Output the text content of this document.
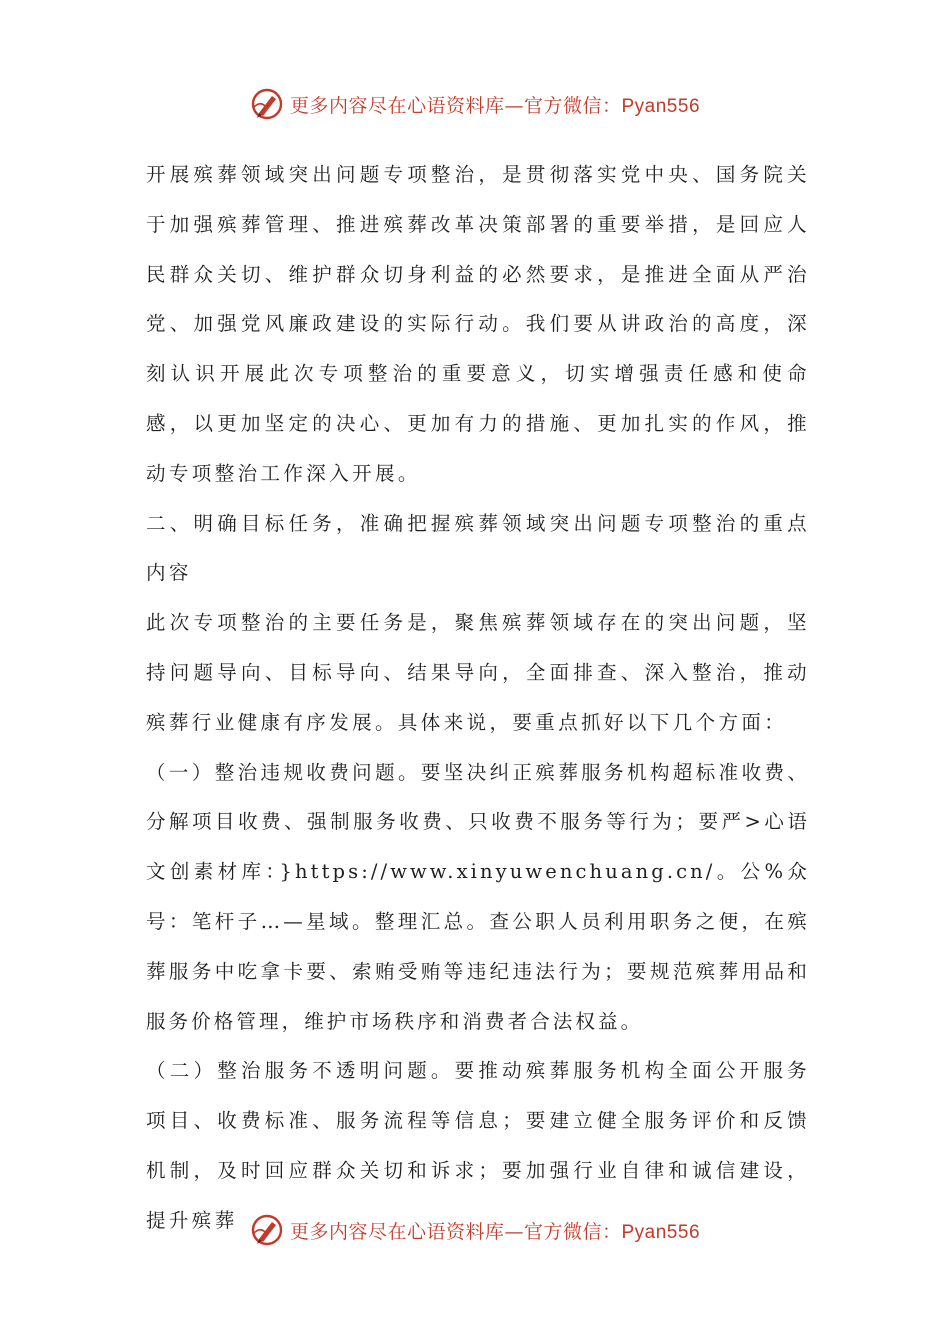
更多内容尽在心语资料库—官方微信：Pyan556

开展殡葬领域突出问题专项整治，是贯彻落实党中央、国务院关于加强殡葬管理、推进殡葬改革决策部署的重要举措，是回应人民群众关切、维护群众切身利益的必然要求，是推进全面从严治党、加强党风廉政建设的实际行动。我们要从讲政治的高度，深刻认识开展此次专项整治的重要意义，切实增强责任感和使命感，以更加坚定的决心、更加有力的措施、更加扎实的作风，推动专项整治工作深入开展。

二、明确目标任务，准确把握殡葬领域突出问题专项整治的重点内容

此次专项整治的主要任务是，聚焦殡葬领域存在的突出问题，坚持问题导向、目标导向、结果导向，全面排查、深入整治，推动殡葬行业健康有序发展。具体来说，要重点抓好以下几个方面：

（一）整治违规收费问题。要坚决纠正殡葬服务机构超标准收费、分解项目收费、强制服务收费、只收费不服务等行为；要严>心语文创素材库：}https://www.xinyuwenchuang.cn/。公%众号：笔杆子…—星域。整理汇总。查公职人员利用职务之便，在殡葬服务中吃拿卡要、索贿受贿等违纪违法行为；要规范殡葬用品和服务价格管理，维护市场秩序和消费者合法权益。

（二）整治服务不透明问题。要推动殡葬服务机构全面公开服务项目、收费标准、服务流程等信息；要建立健全服务评价和反馈机制，及时回应群众关切和诉求；要加强行业自律和诚信建设，提升殡葬	更多内容尽在心语资料库—官方微信：Pyan556
